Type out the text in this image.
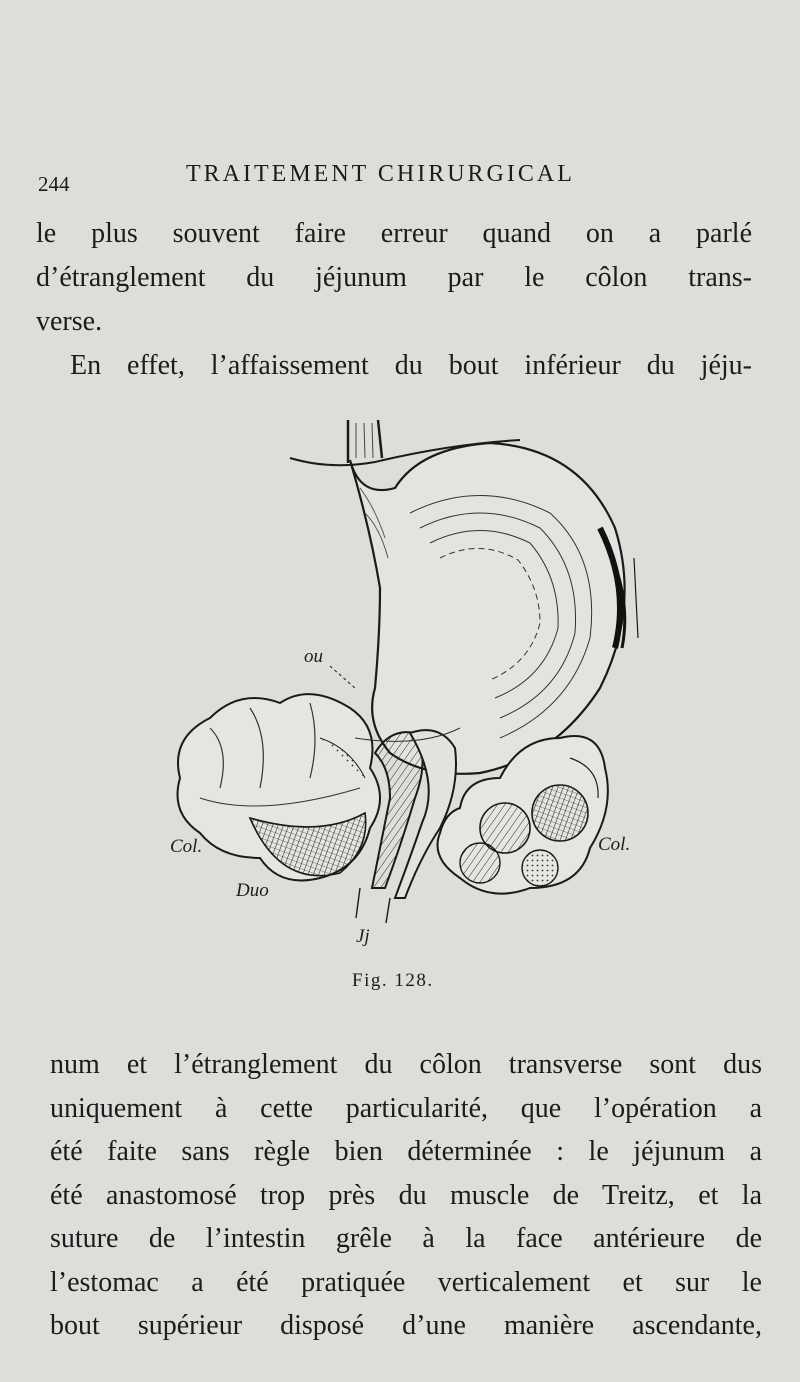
244	TRAITEMENT CHIRURGICAL
le plus souvent faire erreur quand on a parlé
d’étranglement du jéjunum par le côlon trans-
verse.
En effet, l’affaissement du bout inférieur du jéju-
ou
Col.	Col.
Duo
Jj
Fig. 128.
num et l’étranglement du côlon transverse sont dus
uniquement à cette particularité, que l’opération a
été faite sans règle bien déterminée : le jéjunum a
été anastomosé trop près du muscle de Treitz, et la
suture de l’intestin grêle à la face antérieure de
l’estomac a été pratiquée verticalement et sur le
bout supérieur disposé d’une manière ascendante,
